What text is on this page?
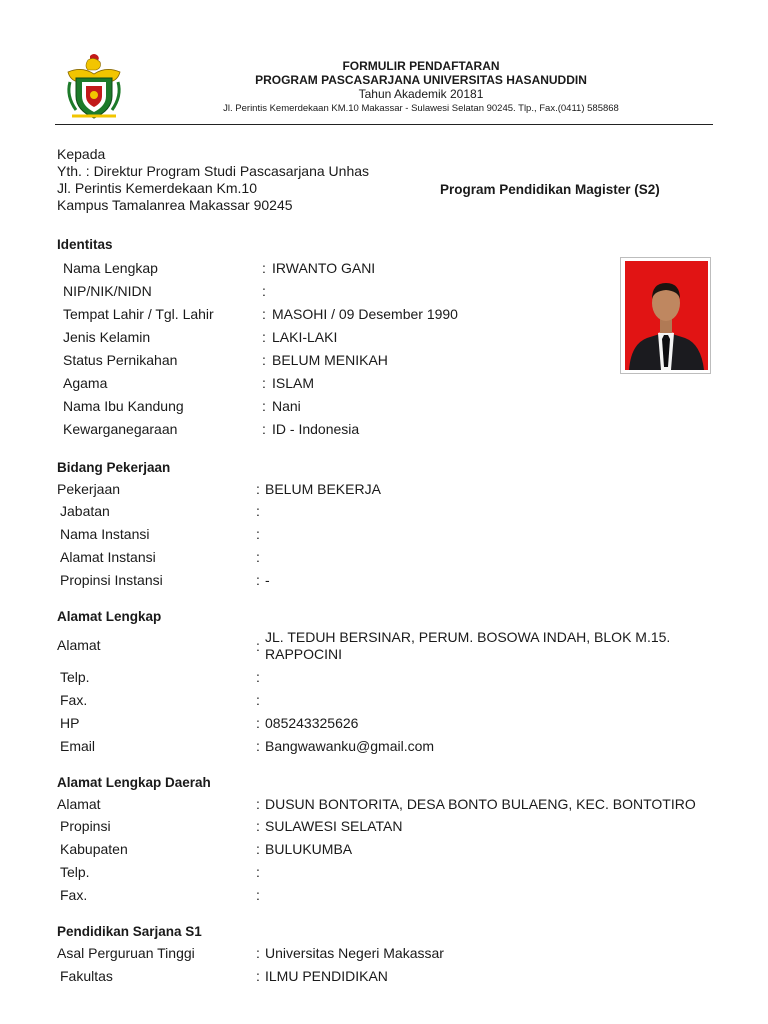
FORMULIR PENDAFTARAN
PROGRAM PASCASARJANA UNIVERSITAS HASANUDDIN
Tahun Akademik 20181
Jl. Perintis Kemerdekaan KM.10 Makassar - Sulawesi Selatan 90245. Tlp., Fax.(0411) 585868
Kepada
Yth. : Direktur Program Studi Pascasarjana Unhas
Jl. Perintis Kemerdekaan Km.10
Kampus Tamalanrea Makassar 90245
Program Pendidikan Magister (S2)
Identitas
Nama Lengkap	: IRWANTO GANI
NIP/NIK/NIDN	:
Tempat Lahir / Tgl. Lahir	: MASOHI / 09 Desember 1990
Jenis Kelamin	: LAKI-LAKI
Status Pernikahan	: BELUM MENIKAH
Agama	: ISLAM
Nama Ibu Kandung	: Nani
Kewarganegaraan	: ID - Indonesia
Bidang Pekerjaan
Pekerjaan	: BELUM BEKERJA
Jabatan	:
Nama Instansi	:
Alamat Instansi	:
Propinsi Instansi	: -
Alamat Lengkap
Alamat	:
JL. TEDUH BERSINAR, PERUM. BOSOWA INDAH, BLOK M.15. RAPPOCINI
Telp.	:
Fax.	:
HP	: 085243325626
Email	: Bangwawanku@gmail.com
Alamat Lengkap Daerah
Alamat	: DUSUN BONTORITA, DESA BONTO BULAENG, KEC. BONTOTIRO
Propinsi	: SULAWESI SELATAN
Kabupaten	: BULUKUMBA
Telp.	:
Fax.	:
Pendidikan Sarjana S1
Asal Perguruan Tinggi	: Universitas Negeri Makassar
Fakultas	: ILMU PENDIDIKAN
